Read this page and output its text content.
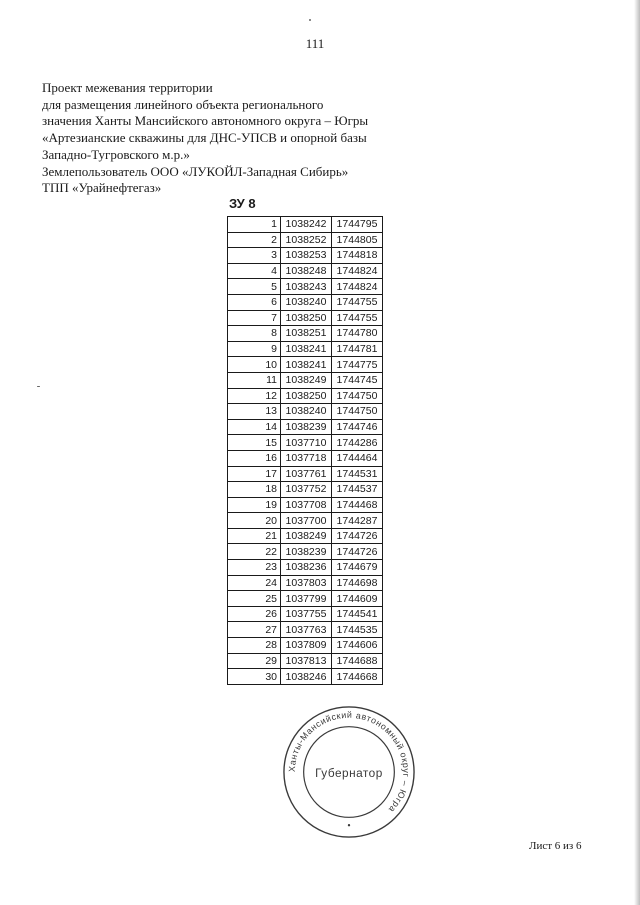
111
Проект межевания территории
для размещения линейного объекта регионального
значения Ханты Мансийского автономного округа – Югры
«Артезианские скважины для ДНС-УПСВ и опорной базы
Западно-Тугровского м.р.»
Землепользователь ООО «ЛУКОЙЛ-Западная Сибирь»
ТПП «Урайнефтегаз»
ЗУ 8
1	1038242	1744795
2	1038252	1744805
3	1038253	1744818
4	1038248	1744824
5	1038243	1744824
6	1038240	1744755
7	1038250	1744755
8	1038251	1744780
9	1038241	1744781
10	1038241	1744775
11	1038249	1744745
12	1038250	1744750
13	1038240	1744750
14	1038239	1744746
15	1037710	1744286
16	1037718	1744464
17	1037761	1744531
18	1037752	1744537
19	1037708	1744468
20	1037700	1744287
21	1038249	1744726
22	1038239	1744726
23	1038236	1744679
24	1037803	1744698
25	1037799	1744609
26	1037755	1744541
27	1037763	1744535
28	1037809	1744606
29	1037813	1744688
30	1038246	1744668
Ханты-Мансийский автономный округ – Югра
Губернатор
Лист 6 из 6
